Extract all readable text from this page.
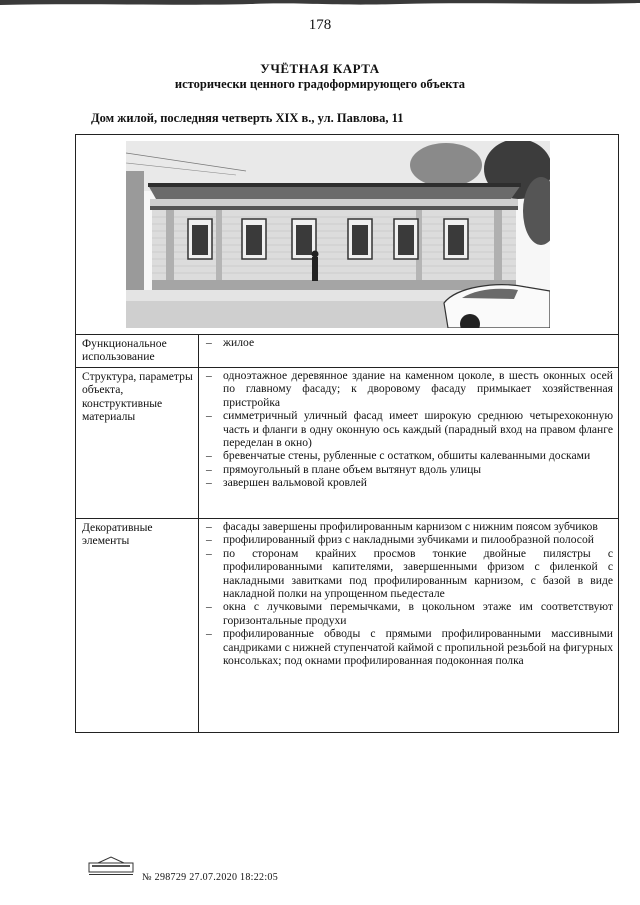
178
УЧЁТНАЯ КАРТА
исторически ценного градоформирующего объекта
Дом жилой, последняя четверть XIX в., ул. Павлова, 11
Функциональное использование
– жилое
Структура, параметры объекта, конструктивные материалы
– одноэтажное деревянное здание на каменном цоколе, в шесть оконных осей по главному фасаду; к дворовому фасаду примыкает хозяйственная пристройка
– симметричный уличный фасад имеет широкую среднюю четырехоконную часть и фланги в одну оконную ось каждый (парадный вход на правом фланге переделан в окно)
– бревенчатые стены, рубленные с остатком, обшиты калеванными досками
– прямоугольный в плане объем вытянут вдоль улицы
– завершен вальмовой кровлей
Декоративные элементы
– фасады завершены профилированным карнизом с нижним поясом зубчиков
– профилированный фриз с накладными зубчиками и пилообразной полосой
– по сторонам крайних просмов тонкие двойные пилястры с профилированными капителями, завершенными фризом с филенкой с накладными завитками под профилированным карнизом, с базой в виде накладной полки на упрощенном пьедестале
– окна с лучковыми перемычками, в цокольном этаже им соответствуют горизонтальные продухи
– профилированные обводы с прямыми профилированными массивными сандриками с нижней ступенчатой каймой с пропильной резьбой на фигурных консольках; под окнами профилированная подоконная полка
№ 298729 27.07.2020 18:22:05
